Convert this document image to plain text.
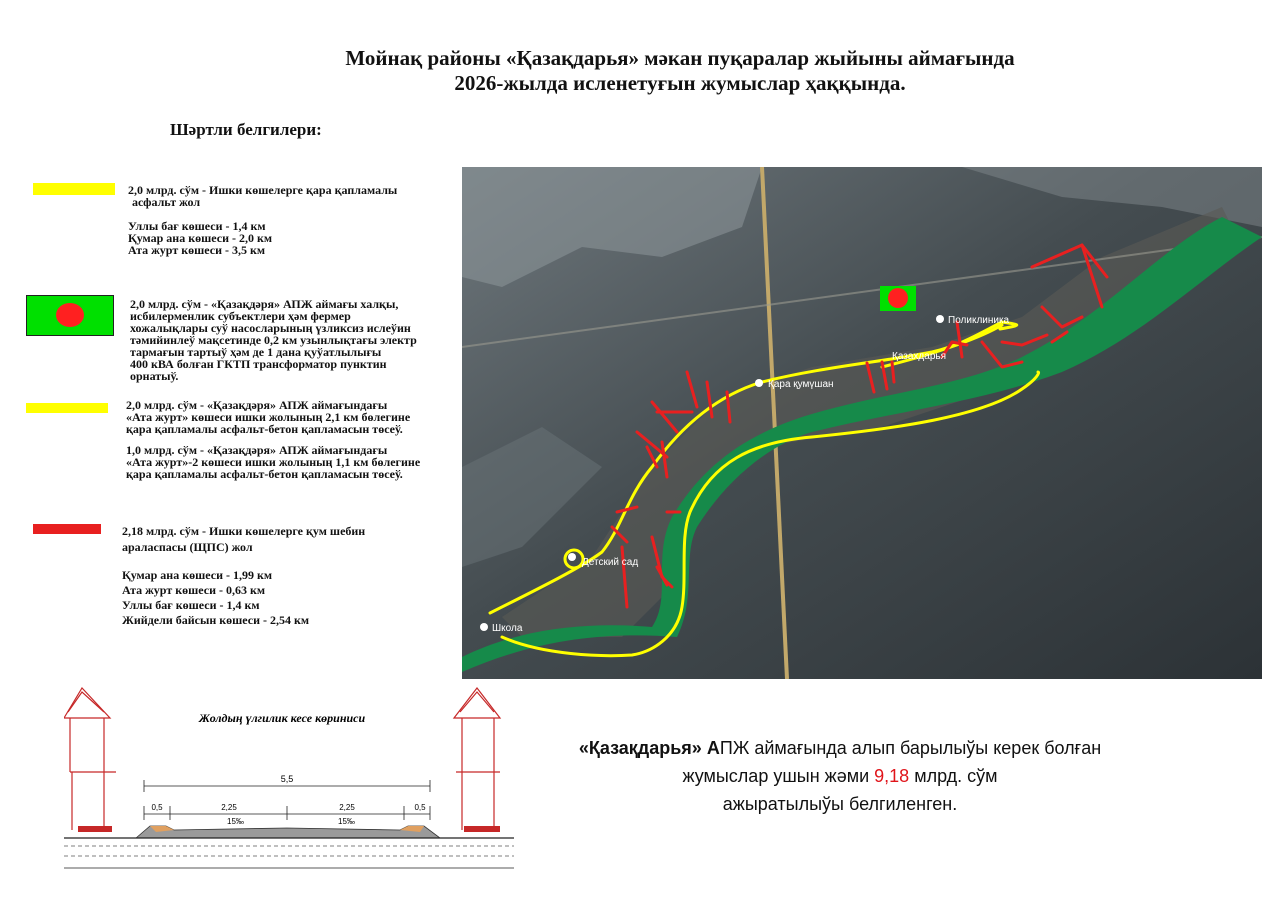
Мойнақ районы «Қазақдарья» мәкан пуқаралар жыйыны аймағында
2026-жылда исленетуғын жумыслар ҳаққында.
Шәртли белгилери:

2,0 млрд. сўм - Ишки көшелерге қара қапламалы

асфальт жол

Уллы бағ көшеси - 1,4 км

Қумар ана көшеси - 2,0 км

Ата журт көшеси - 3,5 км

2,0 млрд. сўм - «Қазақдәря» АПЖ аймағы халқы,

исбилерменлик субъектлери ҳәм фермер

хожалықлары суў насосларының үзликсиз ислеўин

тәмийинлеў мақсетинде 0,2 км узынлықтағы электр

тармағын тартыў ҳәм де 1 дана қуўатлылығы

400 кВА болған ГКТП трансформатор пунктин

орнатыў.

2,0 млрд. сўм - «Қазақдәря» АПЖ аймағындағы

«Ата журт» көшеси ишки жолының 2,1 км бөлегине

қара қапламалы асфальт-бетон қапламасын төсеў.

1,0 млрд. сўм - «Қазақдәря» АПЖ аймағындағы

«Ата журт»-2 көшеси ишки жолының 1,1 км бөлегине

қара қапламалы асфальт-бетон қапламасын төсеў.

2,18 млрд. сўм - Ишки көшелерге қум шебин

араласпасы (ЩПС) жол

Қумар ана көшеси - 1,99 км

Ата журт көшеси - 0,63 км

Уллы бағ көшеси - 1,4 км

Жийдели байсын көшеси - 2,54 км

Қара қумүшан
Қазахдарья
Поликлиника
Детский сад
Школа
Жолдың үлгилик кесе көриниси
5,5
0,5	2,25	2,25	0,5
15‰	15‰
«Қазақдарья» АПЖ аймағында алып барылыўы керек болған
жумыслар ушын жәми 9,18 млрд. сўм
ажыратылыўы белгиленген.
